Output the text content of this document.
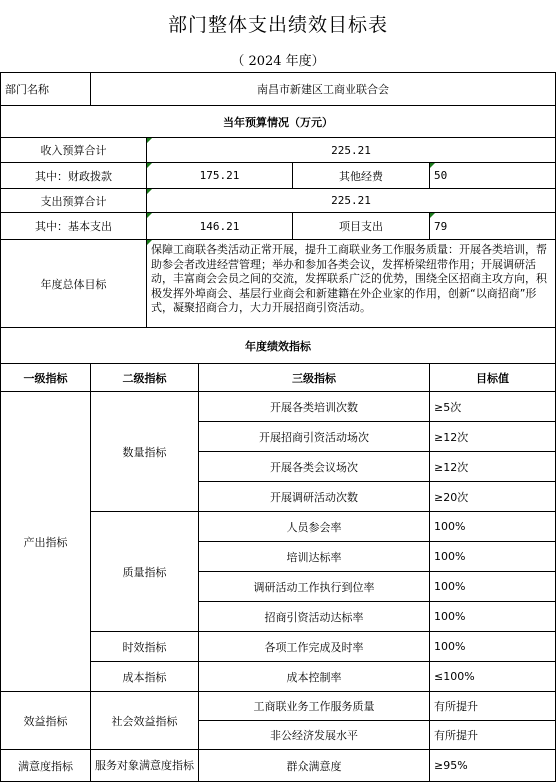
部门整体支出绩效目标表
（ 2024 年度）
部门名称	南昌市新建区工商业联合会				
当年预算情况（万元）					
收入预算合计		225.21			
其中：财政拨款		175.21		其他经费	50
支出预算合计		225.21			
其中：基本支出		146.21		项目支出	79
年度总体目标		保障工商联各类活动正常开展，提升工商联业务工作服务质量：开展各类培训，帮助参会者改进经营管理；举办和参加各类会议，发挥桥梁纽带作用；开展调研活动，丰富商会会员之间的交流，发挥联系广泛的优势，围绕全区招商主攻方向，积极发挥外埠商会、基层行业商会和新建籍在外企业家的作用，创新“以商招商”形式，凝聚招商合力，大力开展招商引资活动。			
年度绩效指标					
一级指标	二级指标		三级指标		目标值
产出指标	数量指标		开展各类培训次数		≥5次
			开展招商引资活动场次		≥12次
			开展各类会议场次		≥12次
			开展调研活动次数		≥20次
	质量指标		人员参会率		100%
			培训达标率		100%
			调研活动工作执行到位率		100%
			招商引资活动达标率		100%
	时效指标		各项工作完成及时率		100%
	成本指标		成本控制率		≤100%
效益指标	社会效益指标		工商联业务工作服务质量		有所提升
			非公经济发展水平		有所提升
满意度指标	服务对象满意度指标		群众满意度		≥95%
